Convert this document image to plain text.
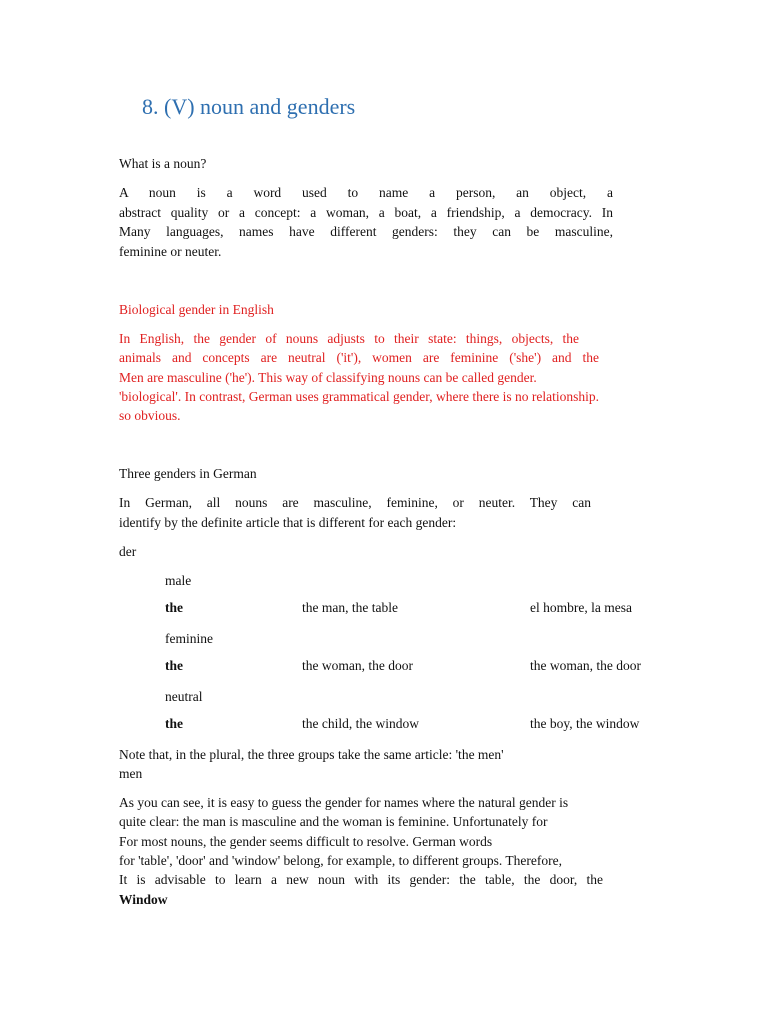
8. (V) noun and genders

What is a noun?

A noun is a word used to name a person, an object, a

abstract quality or a concept: a woman, a boat, a friendship, a democracy. In

Many languages, names have different genders: they can be masculine,

feminine or neuter.

Biological gender in English

In English, the gender of nouns adjusts to their state: things, objects, the

animals and concepts are neutral ('it'), women are feminine ('she') and the

Men are masculine ('he'). This way of classifying nouns can be called gender.

'biological'. In contrast, German uses grammatical gender, where there is no relationship.

so obvious.

Three genders in German

In German, all nouns are masculine, feminine, or neuter. They can

identify by the definite article that is different for each gender:

der

male

the	the man, the table	el hombre, la mesa

feminine

the	the woman, the door	the woman, the door

neutral

the	the child, the window	the boy, the window

Note that, in the plural, the three groups take the same article: 'the men'

men

As you can see, it is easy to guess the gender for names where the natural gender is

quite clear: the man is masculine and the woman is feminine. Unfortunately for

For most nouns, the gender seems difficult to resolve. German words

for 'table', 'door' and 'window' belong, for example, to different groups. Therefore,

It is advisable to learn a new noun with its gender: the table, the door, the

Window
